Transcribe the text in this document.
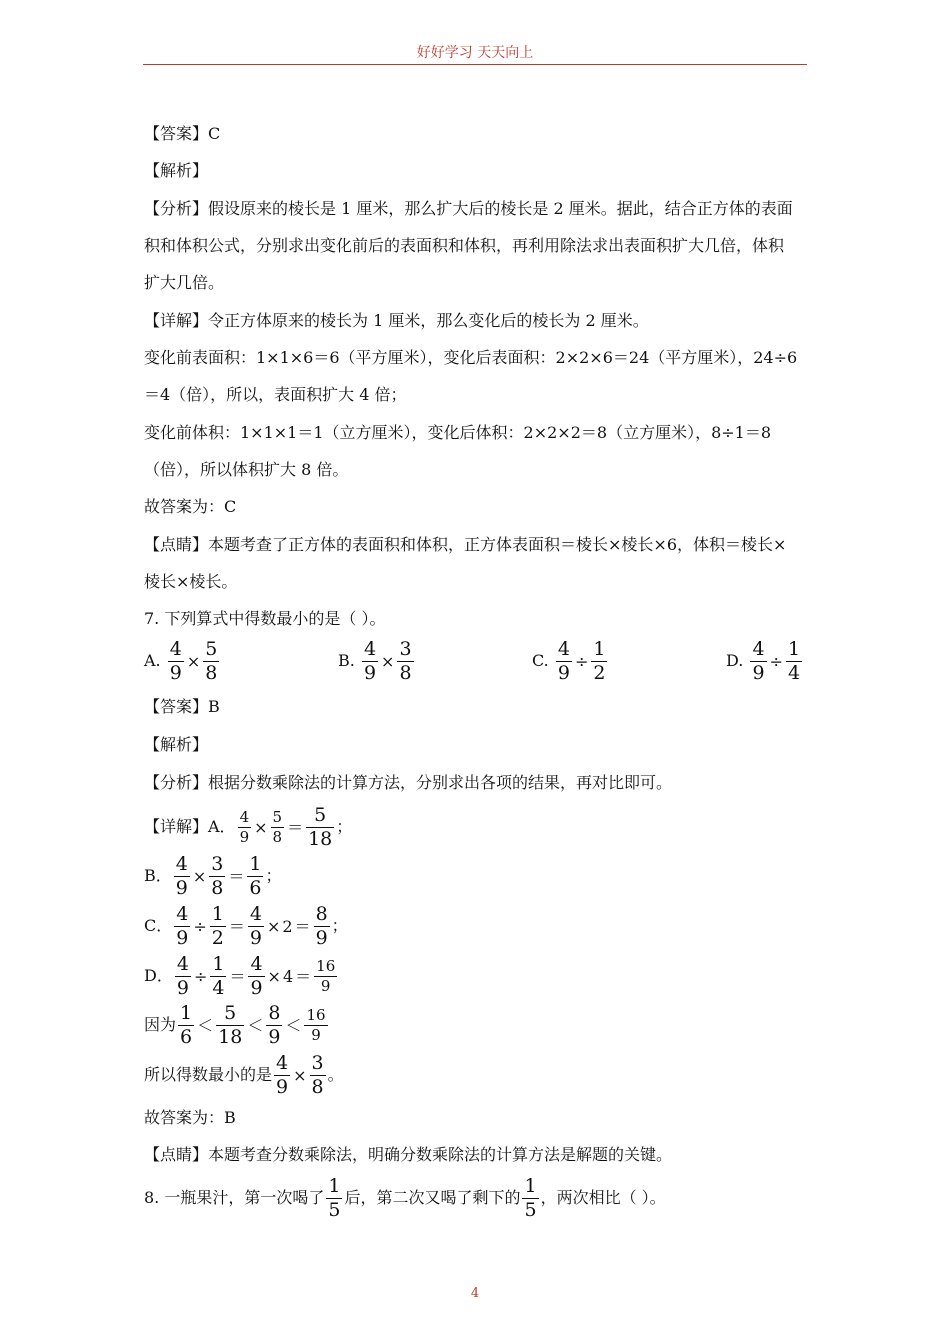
好好学习 天天向上
【答案】C
【解析】
【分析】假设原来的棱长是 1 厘米，那么扩大后的棱长是 2 厘米。据此，结合正方体的表面
积和体积公式，分别求出变化前后的表面积和体积，再利用除法求出表面积扩大几倍，体积
扩大几倍。
【详解】令正方体原来的棱长为 1 厘米，那么变化后的棱长为 2 厘米。
变化前表面积：1×1×6＝6（平方厘米），变化后表面积：2×2×6＝24（平方厘米），24÷6
＝4（倍），所以，表面积扩大 4 倍；
变化前体积：1×1×1＝1（立方厘米），变化后体积：2×2×2＝8（立方厘米），8÷1＝8
（倍），所以体积扩大 8 倍。
故答案为：C
【点睛】本题考查了正方体的表面积和体积，正方体表面积＝棱长×棱长×6，体积＝棱长×
棱长×棱长。
7. 下列算式中得数最小的是（ ）。
A. $\frac{4}{9} \times \frac{5}{8}$	B. $\frac{4}{9} \times \frac{3}{8}$	C. $\frac{4}{9} \div \frac{1}{2}$	D. $\frac{4}{9} \div \frac{1}{4}$
【答案】B
【解析】
【分析】根据分数乘除法的计算方法，分别求出各项的结果，再对比即可。
【详解】A． $\frac{4}{9} \times \frac{5}{8} = \frac{5}{18}$ ；
B． $\frac{4}{9} \times \frac{3}{8} = \frac{1}{6}$ ；
C． $\frac{4}{9} \div \frac{1}{2} = \frac{4}{9} \times 2 = \frac{8}{9}$ ；
D． $\frac{4}{9} \div \frac{1}{4} = \frac{4}{9} \times 4 = \frac{16}{9}$
因为 $\frac{1}{6} < \frac{5}{18} < \frac{8}{9} < \frac{16}{9}$
所以得数最小的是 $\frac{4}{9} \times \frac{3}{8}$ 。
故答案为：B
【点睛】本题考查分数乘除法，明确分数乘除法的计算方法是解题的关键。
8. 一瓶果汁，第一次喝了 $\frac{1}{5}$ 后，第二次又喝了剩下的 $\frac{1}{5}$ ，两次相比（ ）。
4
